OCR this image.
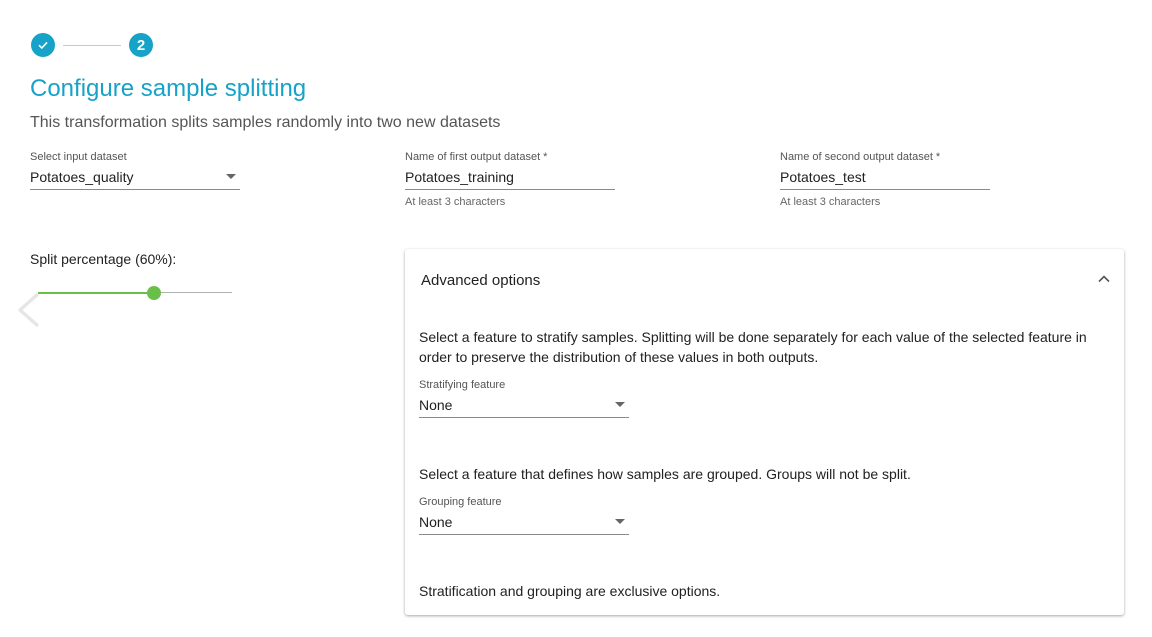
2
Configure sample splitting
This transformation splits samples randomly into two new datasets
Select input dataset
Potatoes_quality
Name of first output dataset *
Potatoes_training
At least 3 characters
Name of second output dataset *
Potatoes_test
At least 3 characters
Split percentage (60%):
Advanced options
Select a feature to stratify samples. Splitting will be done separately for each value of the selected feature in order to preserve the distribution of these values in both outputs.
Stratifying feature
None
Select a feature that defines how samples are grouped. Groups will not be split.
Grouping feature
None
Stratification and grouping are exclusive options.
